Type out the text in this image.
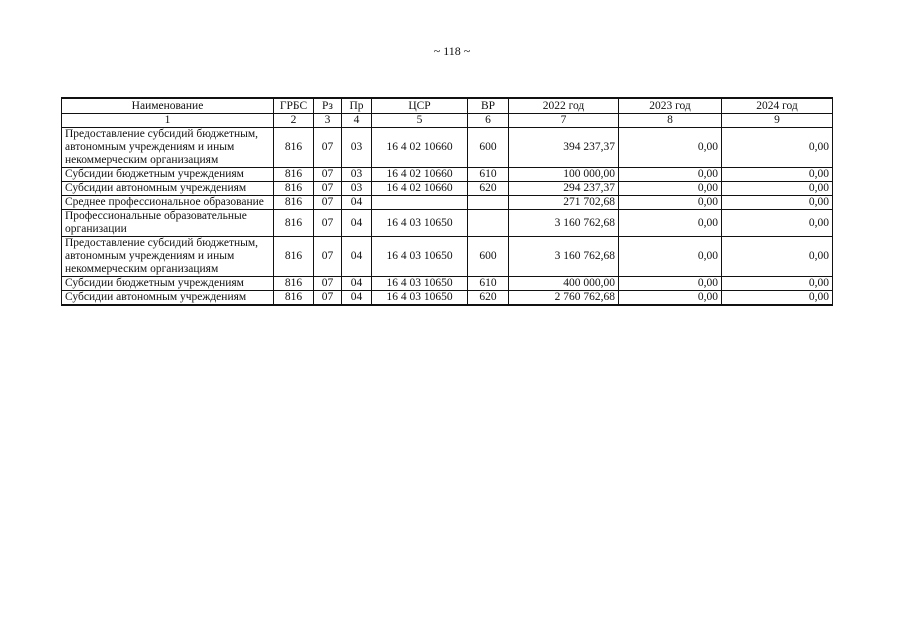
~ 118 ~
Наименование	ГРБС	Рз	Пр	ЦСР	ВР	2022 год	2023 год	2024 год
1	2	3	4	5	6	7	8	9
Предоставление субсидий бюджетным, автономным учреждениям и иным некоммерческим организациям	816	07	03	16 4 02 10660	600	394 237,37	0,00	0,00
Субсидии бюджетным учреждениям	816	07	03	16 4 02 10660	610	100 000,00	0,00	0,00
Субсидии автономным учреждениям	816	07	03	16 4 02 10660	620	294 237,37	0,00	0,00
Среднее профессиональное образование	816	07	04			271 702,68	0,00	0,00
Профессиональные образовательные организации	816	07	04	16 4 03 10650		3 160 762,68	0,00	0,00
Предоставление субсидий бюджетным, автономным учреждениям и иным некоммерческим организациям	816	07	04	16 4 03 10650	600	3 160 762,68	0,00	0,00
Субсидии бюджетным учреждениям	816	07	04	16 4 03 10650	610	400 000,00	0,00	0,00
Субсидии автономным учреждениям	816	07	04	16 4 03 10650	620	2 760 762,68	0,00	0,00
